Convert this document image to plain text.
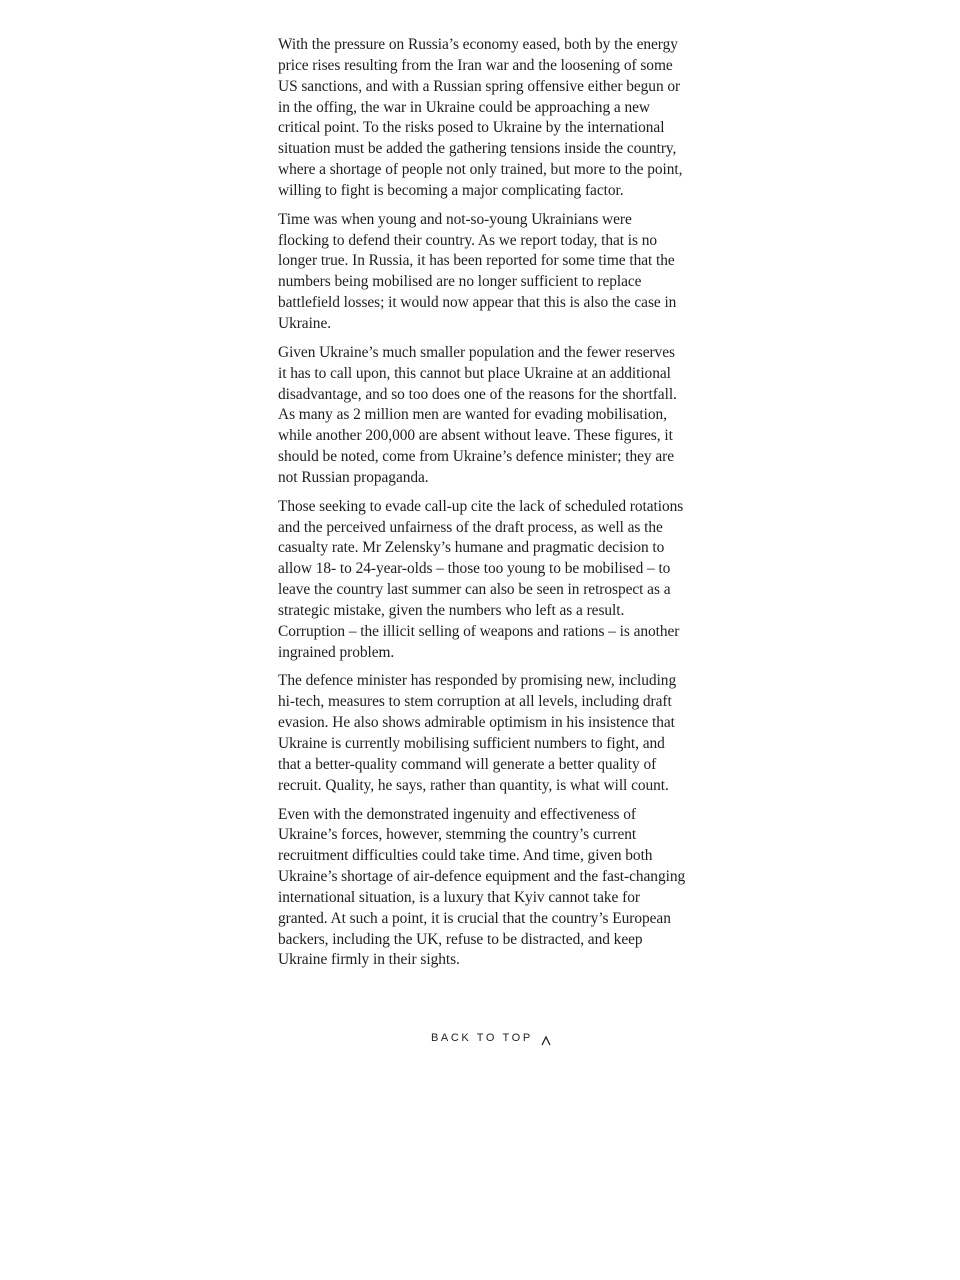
With the pressure on Russia’s economy eased, both by the energy price rises resulting from the Iran war and the loosening of some US sanctions, and with a Russian spring offensive either begun or in the offing, the war in Ukraine could be approaching a new critical point. To the risks posed to Ukraine by the international situation must be added the gathering tensions inside the country, where a shortage of people not only trained, but more to the point, willing to fight is becoming a major complicating factor.

Time was when young and not-so-young Ukrainians were flocking to defend their country. As we report today, that is no longer true. In Russia, it has been reported for some time that the numbers being mobilised are no longer sufficient to replace battlefield losses; it would now appear that this is also the case in Ukraine.

Given Ukraine’s much smaller population and the fewer reserves it has to call upon, this cannot but place Ukraine at an additional disadvantage, and so too does one of the reasons for the shortfall. As many as 2 million men are wanted for evading mobilisation, while another 200,000 are absent without leave. These figures, it should be noted, come from Ukraine’s defence minister; they are not Russian propaganda.

Those seeking to evade call-up cite the lack of scheduled rotations and the perceived unfairness of the draft process, as well as the casualty rate. Mr Zelensky’s humane and pragmatic decision to allow 18- to 24-year-olds – those too young to be mobilised – to leave the country last summer can also be seen in retrospect as a strategic mistake, given the numbers who left as a result. Corruption – the illicit selling of weapons and rations – is another ingrained problem.

The defence minister has responded by promising new, including hi-tech, measures to stem corruption at all levels, including draft evasion. He also shows admirable optimism in his insistence that Ukraine is currently mobilising sufficient numbers to fight, and that a better-quality command will generate a better quality of recruit. Quality, he says, rather than quantity, is what will count.

Even with the demonstrated ingenuity and effectiveness of Ukraine’s forces, however, stemming the country’s current recruitment difficulties could take time. And time, given both Ukraine’s shortage of air-defence equipment and the fast-changing international situation, is a luxury that Kyiv cannot take for granted. At such a point, it is crucial that the country’s European backers, including the UK, refuse to be distracted, and keep Ukraine firmly in their sights.

BACK TO TOP
